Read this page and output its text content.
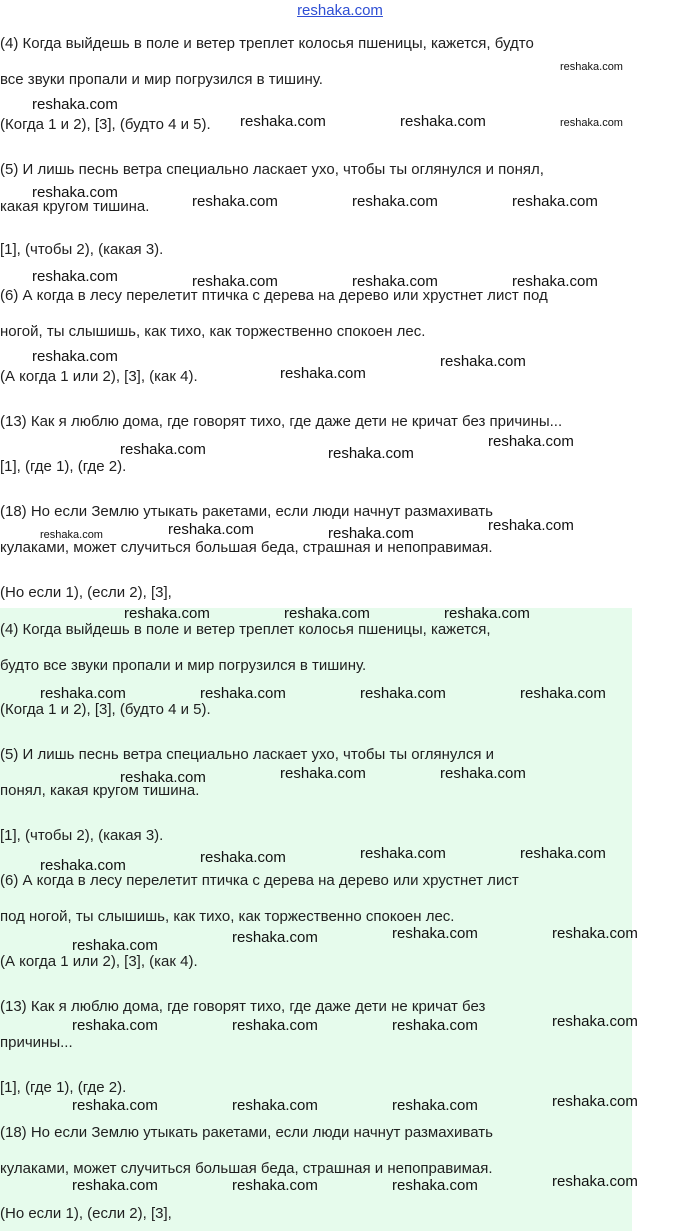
reshaka.com
(4) Когда выйдешь в поле и ветер треплет колосья пшеницы, кажется, будто
все звуки пропали и мир погрузился в тишину.
(Когда 1 и 2), [3], (будто 4 и 5).
(5) И лишь песнь ветра специально ласкает ухо, чтобы ты оглянулся и понял,
какая кругом тишина.
[1], (чтобы 2), (какая 3).
(6) А когда в лесу перелетит птичка с дерева на дерево или хрустнет лист под
ногой, ты слышишь, как тихо, как торжественно спокоен лес.
(А когда 1 или 2), [3], (как 4).
(13) Как я люблю дома, где говорят тихо, где даже дети не кричат без причины...
[1], (где 1), (где 2).
(18) Но если Землю утыкать ракетами, если люди начнут размахивать
кулаками, может случиться большая беда, страшная и непоправимая.
(Но если 1), (если 2), [3],
(4) Когда выйдешь в поле и ветер треплет колосья пшеницы, кажется,
будто все звуки пропали и мир погрузился в тишину.
(Когда 1 и 2), [3], (будто 4 и 5).
(5) И лишь песнь ветра специально ласкает ухо, чтобы ты оглянулся и
понял, какая кругом тишина.
[1], (чтобы 2), (какая 3).
(6) А когда в лесу перелетит птичка с дерева на дерево или хрустнет лист
под ногой, ты слышишь, как тихо, как торжественно спокоен лес.
(А когда 1 или 2), [3], (как 4).
(13) Как я люблю дома, где говорят тихо, где даже дети не кричат без
причины...
[1], (где 1), (где 2).
(18) Но если Землю утыкать ракетами, если люди начнут размахивать
кулаками, может случиться большая беда, страшная и непоправимая.
(Но если 1), (если 2), [3],
reshaka.com
reshaka.com
reshaka.com	reshaka.com	reshaka.com
reshaka.com
reshaka.com	reshaka.com	reshaka.com
reshaka.com	reshaka.com	reshaka.com	reshaka.com
reshaka.com	reshaka.com
reshaka.com
reshaka.com
reshaka.com	reshaka.com
reshaka.com
reshaka.com	reshaka.com
reshaka.com
reshaka.com	reshaka.com	reshaka.com
reshaka.com	reshaka.com	reshaka.com	reshaka.com
reshaka.com	reshaka.com	reshaka.com
reshaka.com	reshaka.com	reshaka.com	reshaka.com
reshaka.com	reshaka.com	reshaka.com	reshaka.com
reshaka.com	reshaka.com	reshaka.com	reshaka.com
reshaka.com	reshaka.com	reshaka.com	reshaka.com
reshaka.com	reshaka.com	reshaka.com	reshaka.com
